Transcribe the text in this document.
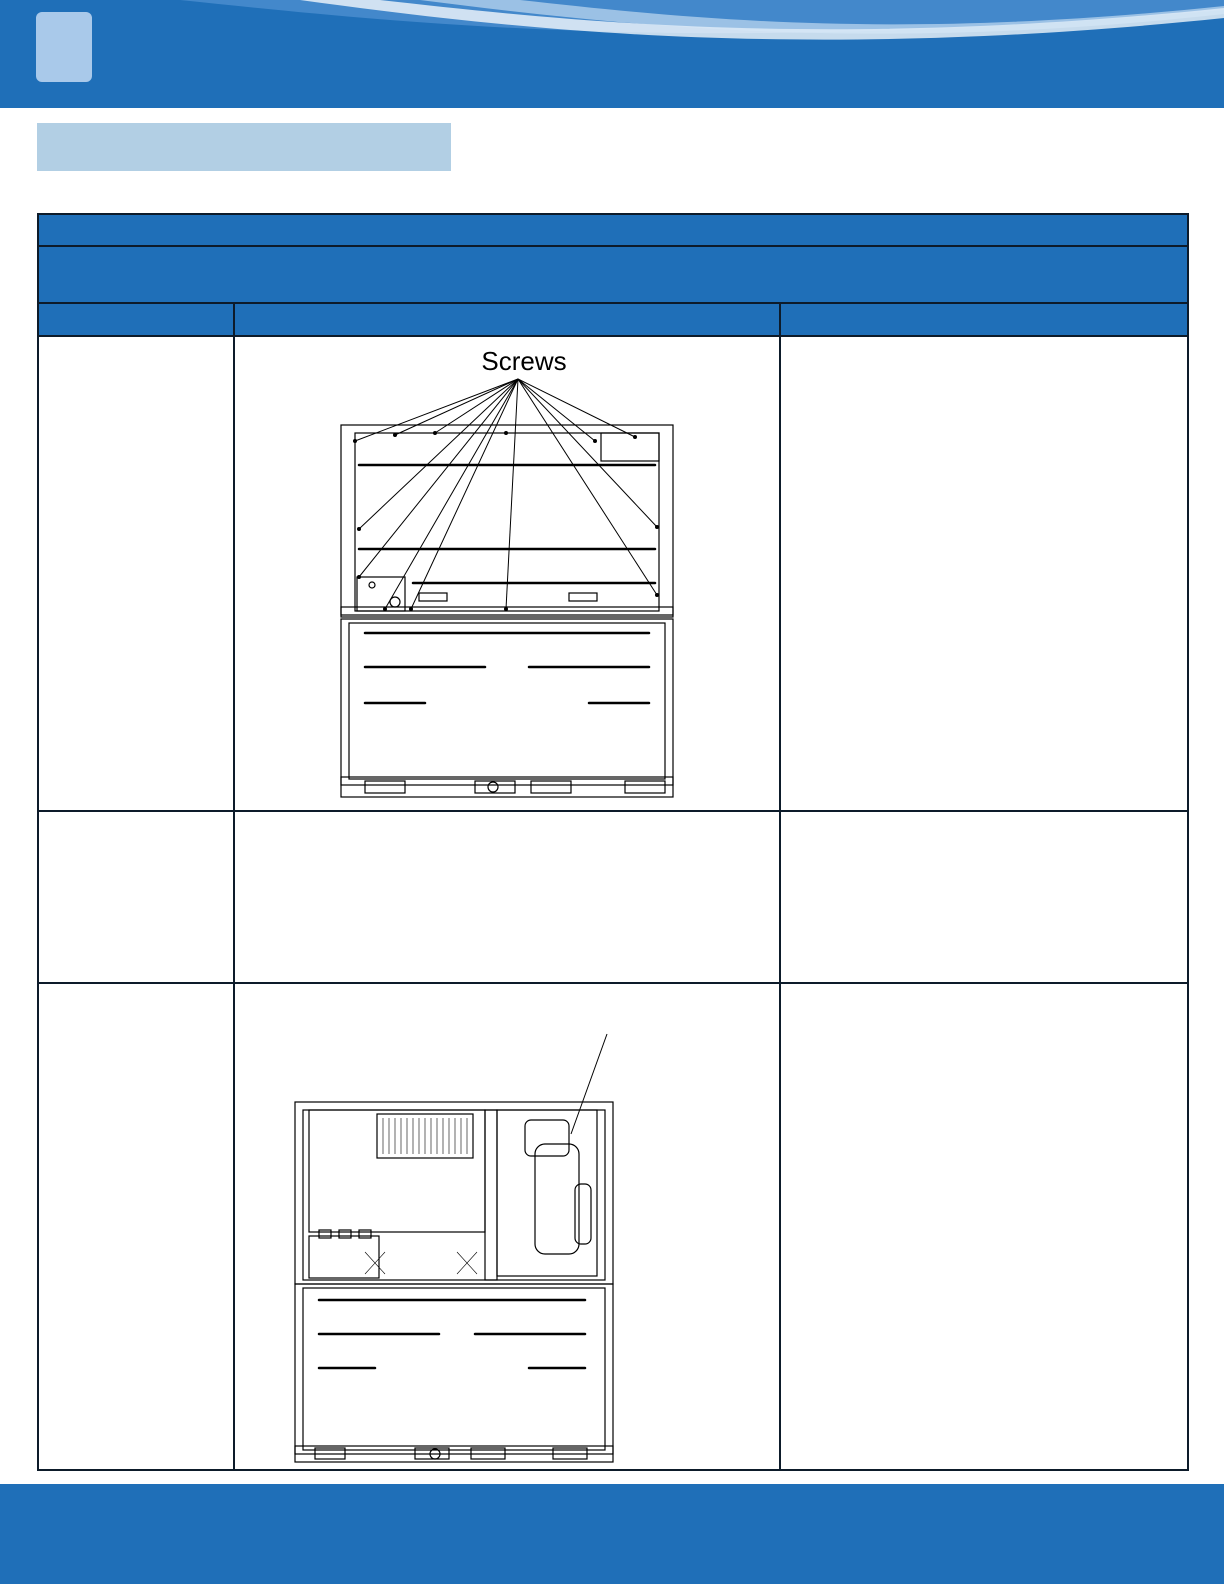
Screws	
